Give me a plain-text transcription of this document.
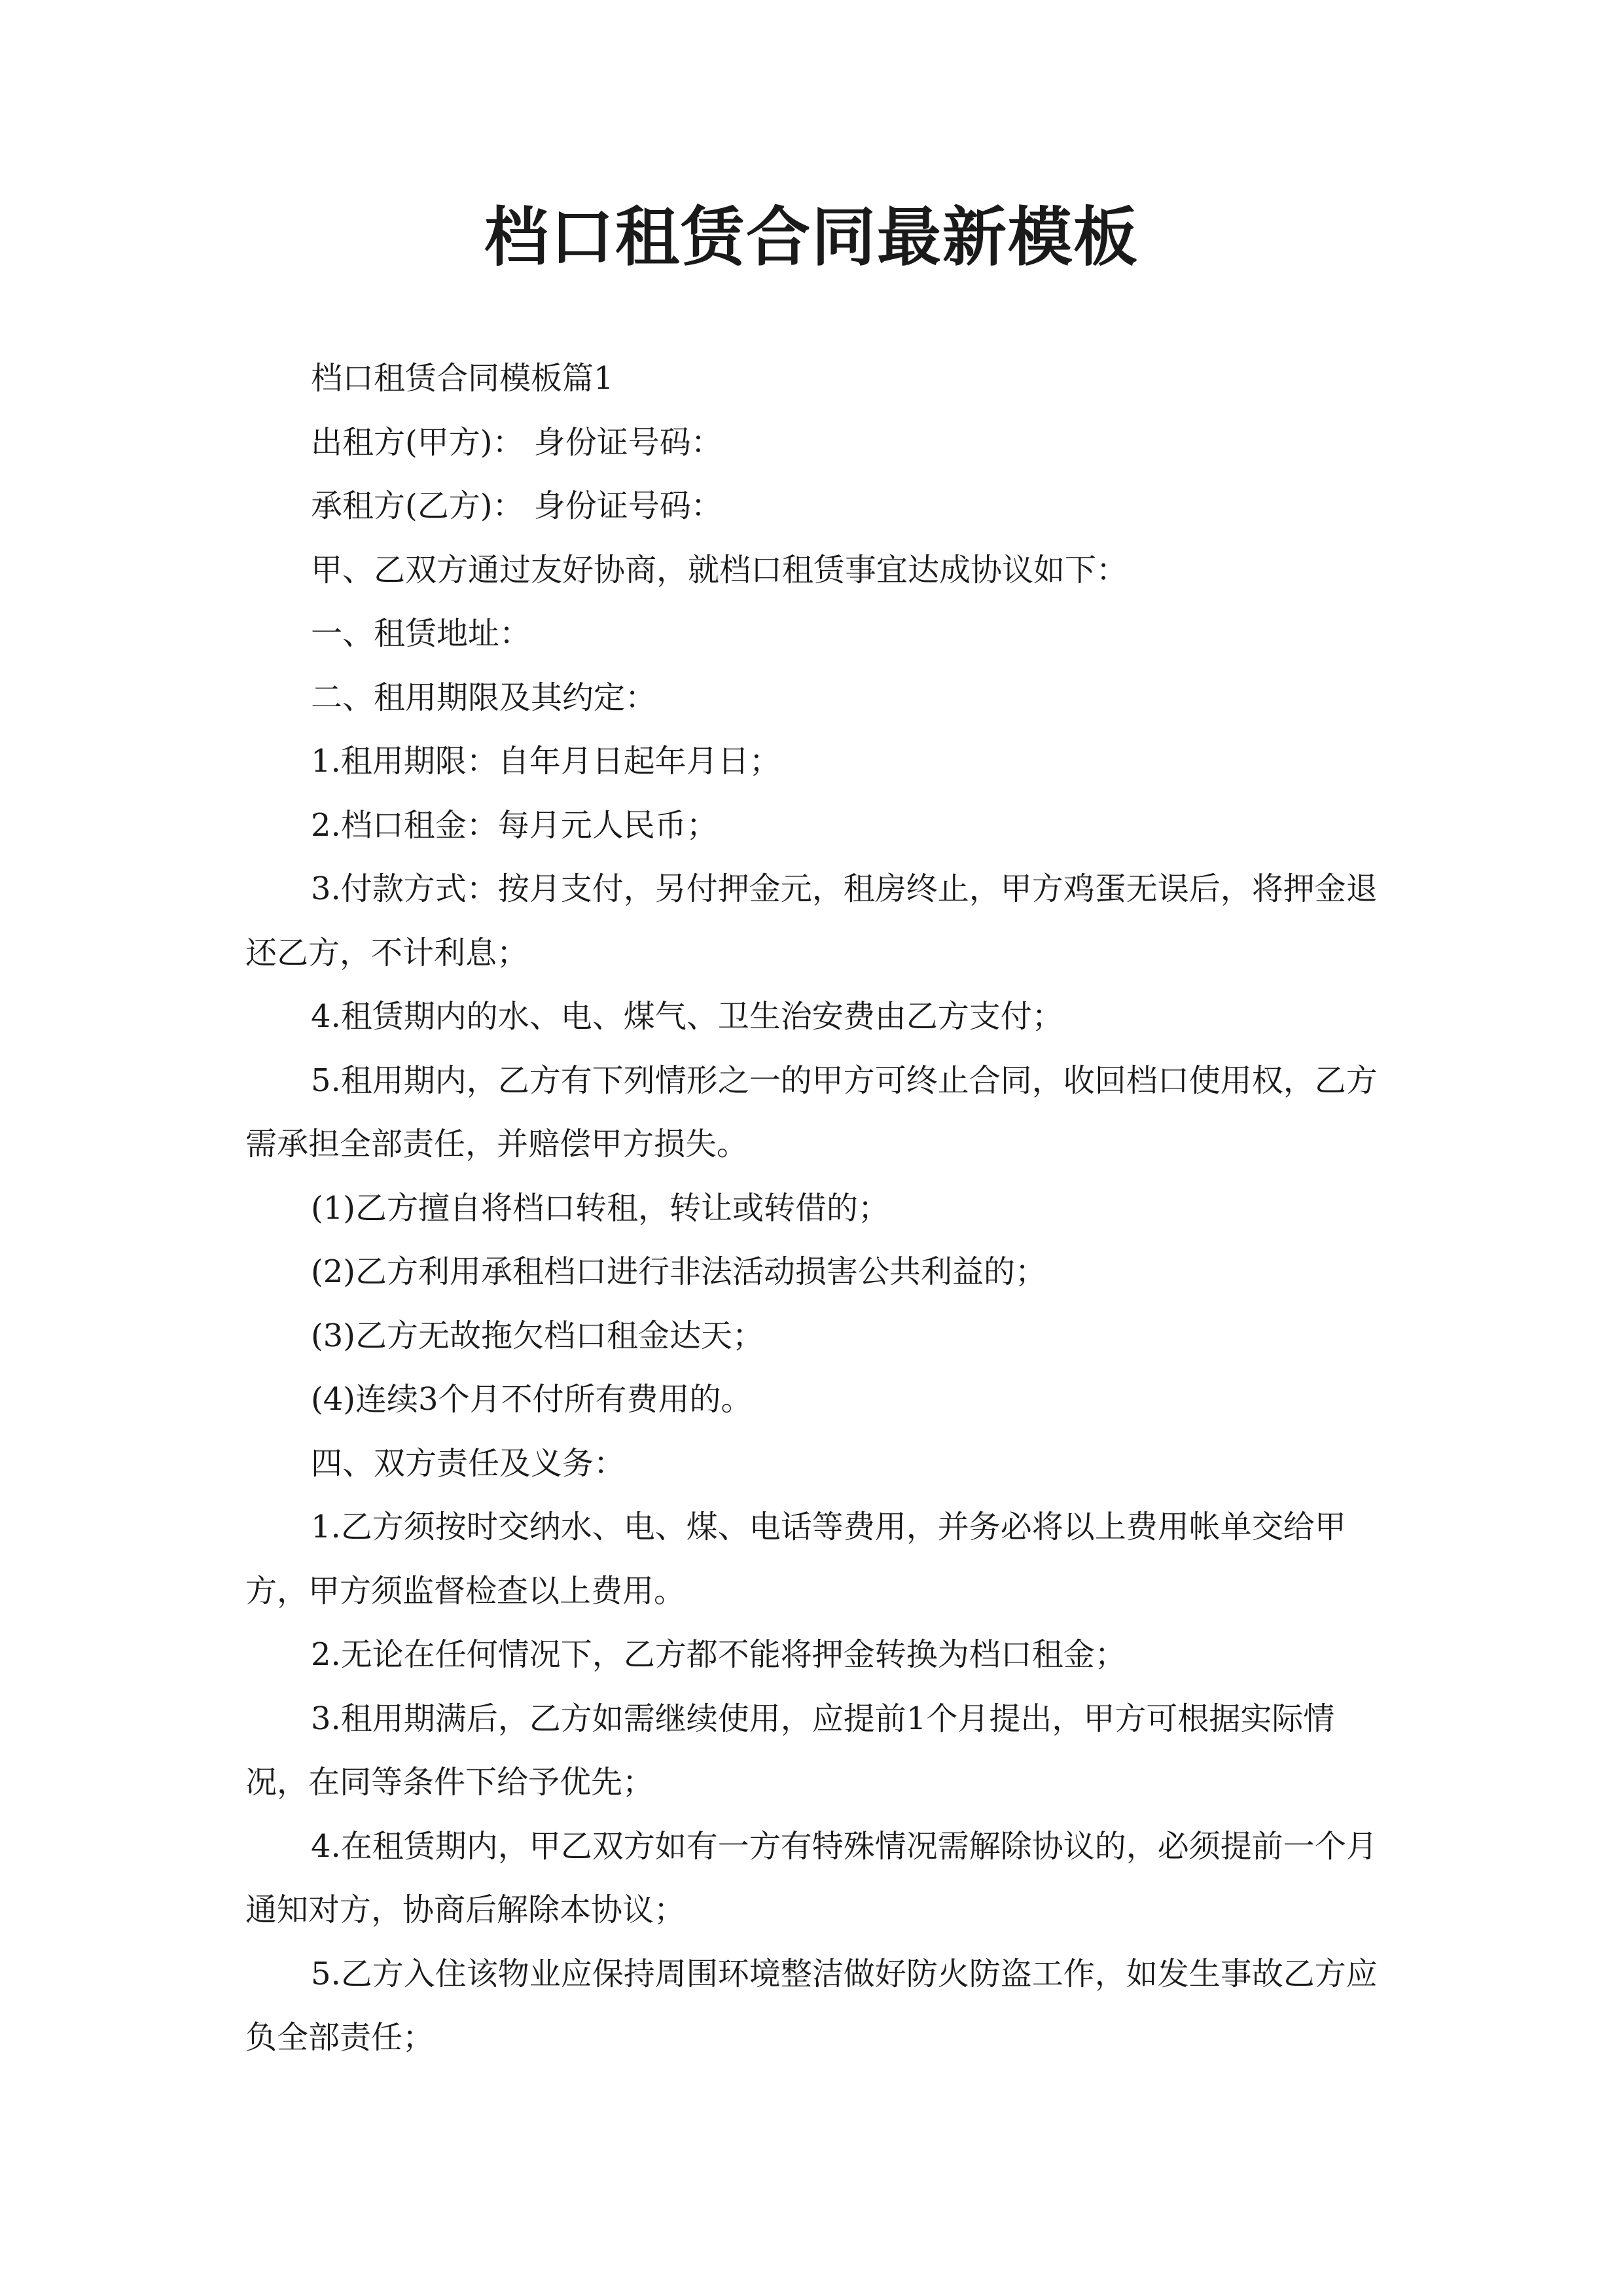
档口租赁合同最新模板

档口租赁合同模板篇1

出租方(甲方)： 身份证号码：

承租方(乙方)： 身份证号码：

甲、乙双方通过友好协商，就档口租赁事宜达成协议如下：

一、租赁地址：

二、租用期限及其约定：

1.租用期限：自年月日起年月日；

2.档口租金：每月元人民币；

3.付款方式：按月支付，另付押金元，租房终止，甲方鸡蛋无误后，将押金退还乙方，不计利息；

4.租赁期内的水、电、煤气、卫生治安费由乙方支付；

5.租用期内，乙方有下列情形之一的甲方可终止合同，收回档口使用权，乙方需承担全部责任，并赔偿甲方损失。

(1)乙方擅自将档口转租，转让或转借的；

(2)乙方利用承租档口进行非法活动损害公共利益的；

(3)乙方无故拖欠档口租金达天；

(4)连续3个月不付所有费用的。

四、双方责任及义务：

1.乙方须按时交纳水、电、煤、电话等费用，并务必将以上费用帐单交给甲方，甲方须监督检查以上费用。

2.无论在任何情况下，乙方都不能将押金转换为档口租金；

3.租用期满后，乙方如需继续使用，应提前1个月提出，甲方可根据实际情况，在同等条件下给予优先；

4.在租赁期内，甲乙双方如有一方有特殊情况需解除协议的，必须提前一个月通知对方，协商后解除本协议；

5.乙方入住该物业应保持周围环境整洁做好防火防盗工作，如发生事故乙方应负全部责任；
